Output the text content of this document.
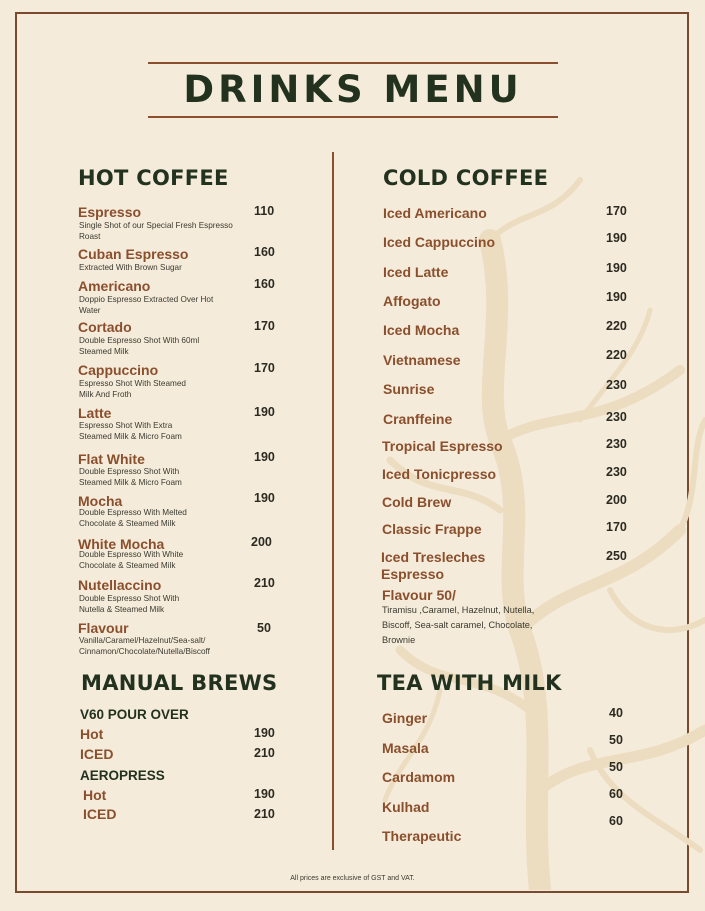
DRINKS MENU
HOT COFFEE
Espresso
Single Shot of our Special Fresh Espresso Roast
110
Cuban Espresso
Extracted With Brown Sugar
160
Americano
Doppio Espresso Extracted Over Hot Water
160
Cortado
Double Espresso Shot With 60ml Steamed Milk
170
Cappuccino
Espresso Shot With Steamed Milk And Froth
170
Latte
Espresso Shot With Extra Steamed Milk & Micro Foam
190
Flat White
Double Espresso Shot With Steamed Milk & Micro Foam
190
Mocha
Double Espresso With Melted Chocolate & Steamed Milk
190
White Mocha
Double Espresso With White Chocolate & Steamed Milk
200
Nutellaccino
Double Espresso Shot With Nutella & Steamed Milk
210
Flavour
Vanilla/Caramel/Hazelnut/Sea-salt/ Cinnamon/Chocolate/Nutella/Biscoff
50
MANUAL BREWS
V60 POUR OVER
Hot	190
ICED	210
AEROPRESS
Hot	190
ICED	210
COLD COFFEE
Iced Americano	170
Iced Cappuccino	190
Iced Latte	190
Affogato	190
Iced Mocha	220
Vietnamese	220
Sunrise	230
Cranffeine	230
Tropical Espresso	230
Iced Tonicpresso	230
Cold Brew	200
Classic Frappe	170
Iced Tresleches Espresso
250
Flavour 50/
Tiramisu ,Caramel, Hazelnut, Nutella, Biscoff, Sea-salt caramel, Chocolate, Brownie
TEA WITH MILK
Ginger	40
Masala	50
Cardamom
50
Kulhad
60
Therapeutic
60
All prices are exclusive of GST and VAT.
